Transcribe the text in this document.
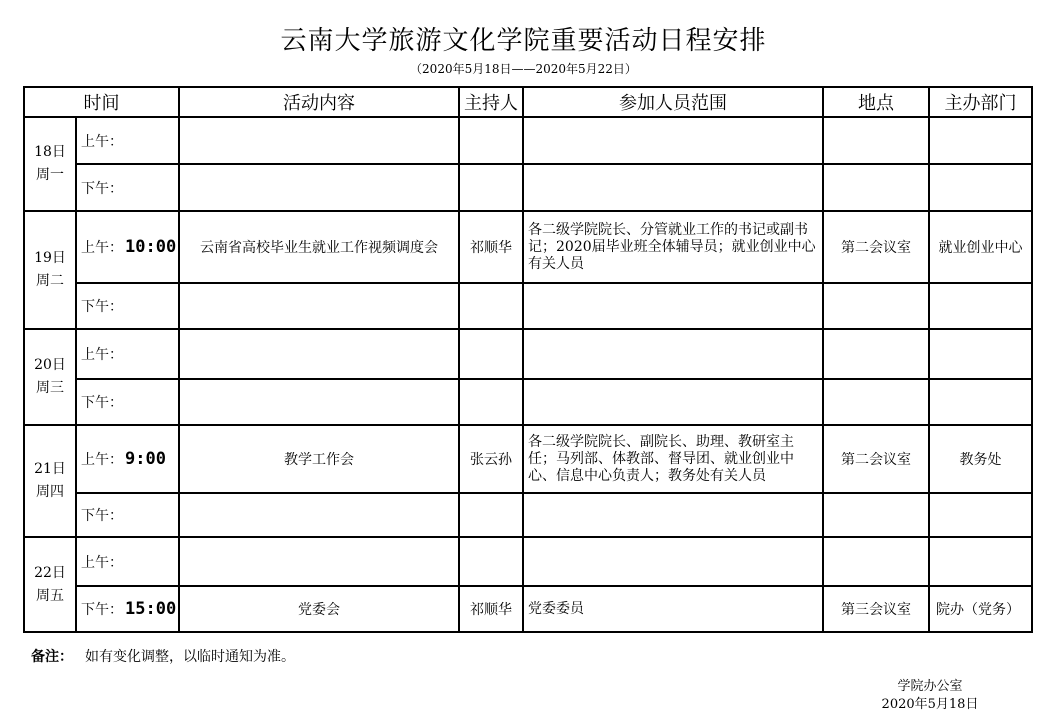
云南大学旅游文化学院重要活动日程安排
（2020年5月18日——2020年5月22日）
时间		活动内容	主持人	参加人员范围	地点	主办部门

18日
周一	上午：					
	下午：					

19日
周二	上午： 10:00	云南省高校毕业生就业工作视频调度会	祁顺华	各二级学院院长、分管就业工作的书记或副书记；2020届毕业班全体辅导员；就业创业中心有关人员	第二会议室	就业创业中心
	下午：					

20日
周三	上午：					
	下午：					

21日
周四	上午： 9:00	教学工作会	张云孙	各二级学院院长、副院长、助理、教研室主任；马列部、体教部、督导团、就业创业中心、信息中心负责人；教务处有关人员	第二会议室	教务处
	下午：					

22日
周五	上午：					
	下午： 15:00	党委会	祁顺华	党委委员	第三会议室	院办（党务）
备注： 如有变化调整，以临时通知为准。
学院办公室
2020年5月18日
